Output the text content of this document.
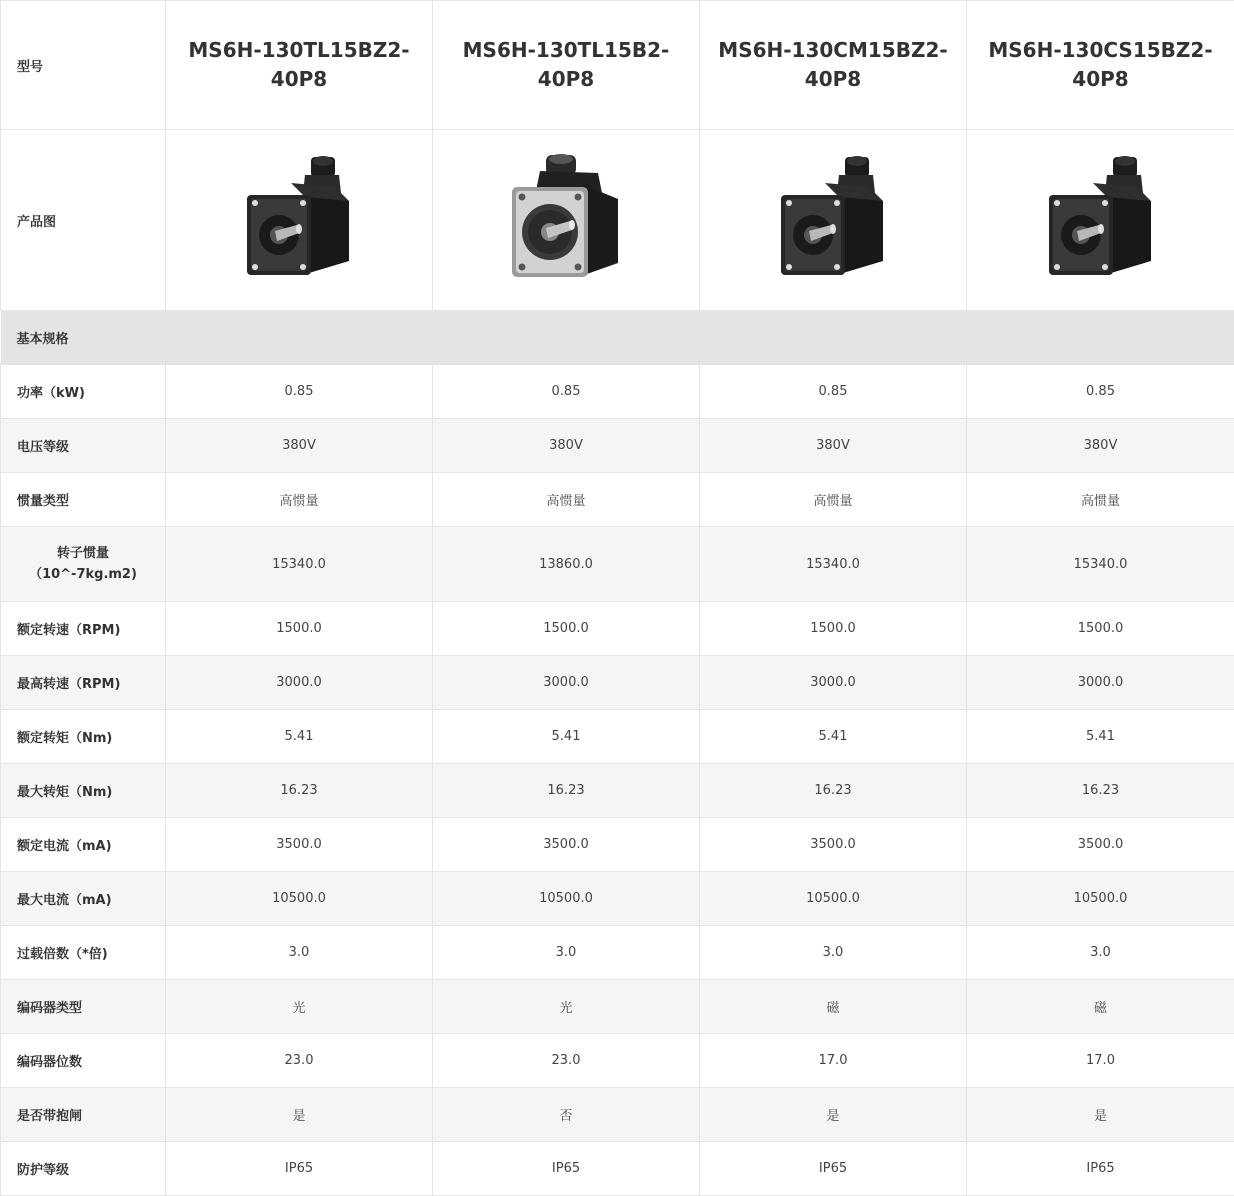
型号	MS6H-130TL15BZ2-40P8	MS6H-130TL15B2-40P8	MS6H-130CM15BZ2-40P8	MS6H-130CS15BZ2-40P8
产品图				
基本规格				
功率（kW)	0.85	0.85	0.85	0.85
电压等级	380V	380V	380V	380V
惯量类型	高惯量	高惯量	高惯量	高惯量
转子惯量（10^-7kg.m2)	15340.0	13860.0	15340.0	15340.0
额定转速（RPM)	1500.0	1500.0	1500.0	1500.0
最高转速（RPM)	3000.0	3000.0	3000.0	3000.0
额定转矩（Nm)	5.41	5.41	5.41	5.41
最大转矩（Nm)	16.23	16.23	16.23	16.23
额定电流（mA)	3500.0	3500.0	3500.0	3500.0
最大电流（mA)	10500.0	10500.0	10500.0	10500.0
过载倍数（*倍)	3.0	3.0	3.0	3.0
编码器类型	光	光	磁	磁
编码器位数	23.0	23.0	17.0	17.0
是否带抱闸	是	否	是	是
防护等级	IP65	IP65	IP65	IP65
